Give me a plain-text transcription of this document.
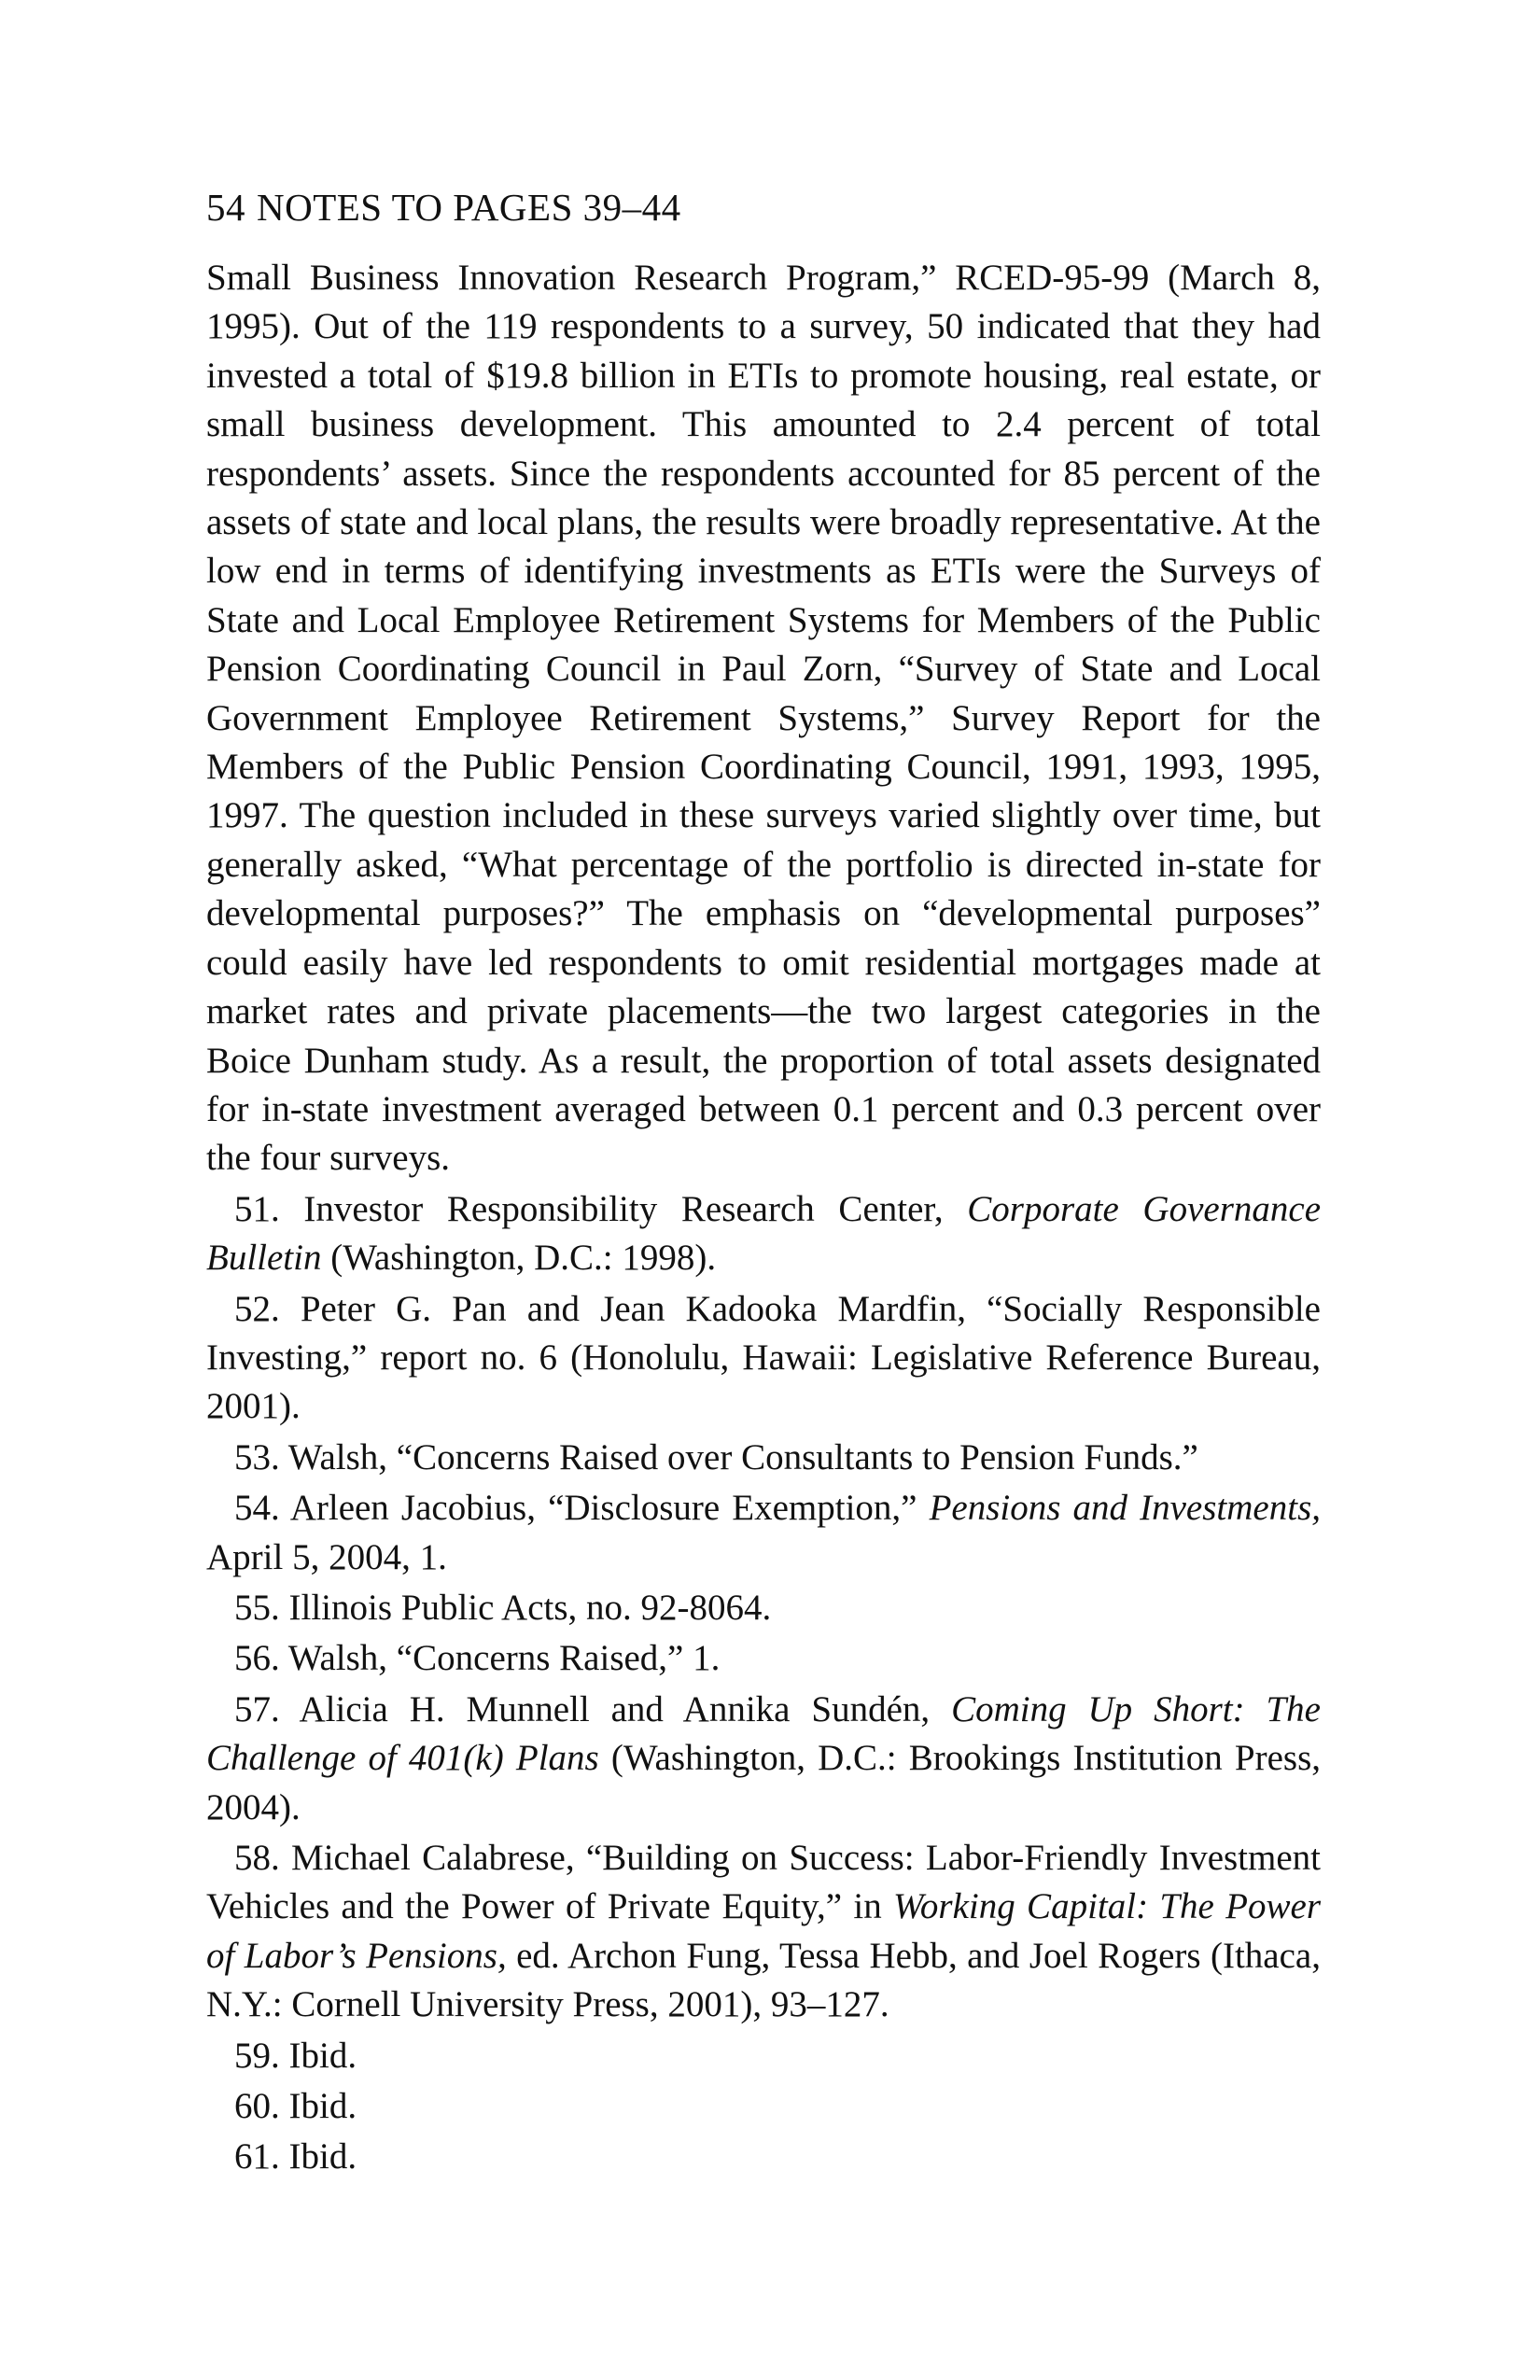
54 NOTES TO PAGES 39–44

Small Business Innovation Research Program,” RCED-95-99 (March 8, 1995). Out of the 119 respondents to a survey, 50 indicated that they had invested a total of $19.8 billion in ETIs to promote housing, real estate, or small business development. This amounted to 2.4 percent of total respondents’ assets. Since the respondents accounted for 85 percent of the assets of state and local plans, the results were broadly representative. At the low end in terms of identifying investments as ETIs were the Surveys of State and Local Employee Retirement Systems for Members of the Public Pension Coordinating Council in Paul Zorn, “Survey of State and Local Government Employee Retirement Systems,” Survey Report for the Members of the Public Pension Coordinating Council, 1991, 1993, 1995, 1997. The question included in these surveys varied slightly over time, but generally asked, “What percentage of the portfolio is directed in-state for developmental purposes?” The emphasis on “developmental purposes” could easily have led respondents to omit residential mortgages made at market rates and private placements—the two largest categories in the Boice Dunham study. As a result, the proportion of total assets designated for in-state investment averaged between 0.1 percent and 0.3 percent over the four surveys.

51. Investor Responsibility Research Center, Corporate Governance Bulletin (Washington, D.C.: 1998).

52. Peter G. Pan and Jean Kadooka Mardfin, “Socially Responsible Investing,” report no. 6 (Honolulu, Hawaii: Legislative Reference Bureau, 2001).

53. Walsh, “Concerns Raised over Consultants to Pension Funds.”

54. Arleen Jacobius, “Disclosure Exemption,” Pensions and Investments, April 5, 2004, 1.

55. Illinois Public Acts, no. 92-8064.

56. Walsh, “Concerns Raised,” 1.

57. Alicia H. Munnell and Annika Sundén, Coming Up Short: The Challenge of 401(k) Plans (Washington, D.C.: Brookings Institution Press, 2004).

58. Michael Calabrese, “Building on Success: Labor-Friendly Investment Vehicles and the Power of Private Equity,” in Working Capital: The Power of Labor’s Pensions, ed. Archon Fung, Tessa Hebb, and Joel Rogers (Ithaca, N.Y.: Cornell University Press, 2001), 93–127.

59. Ibid.

60. Ibid.

61. Ibid.
